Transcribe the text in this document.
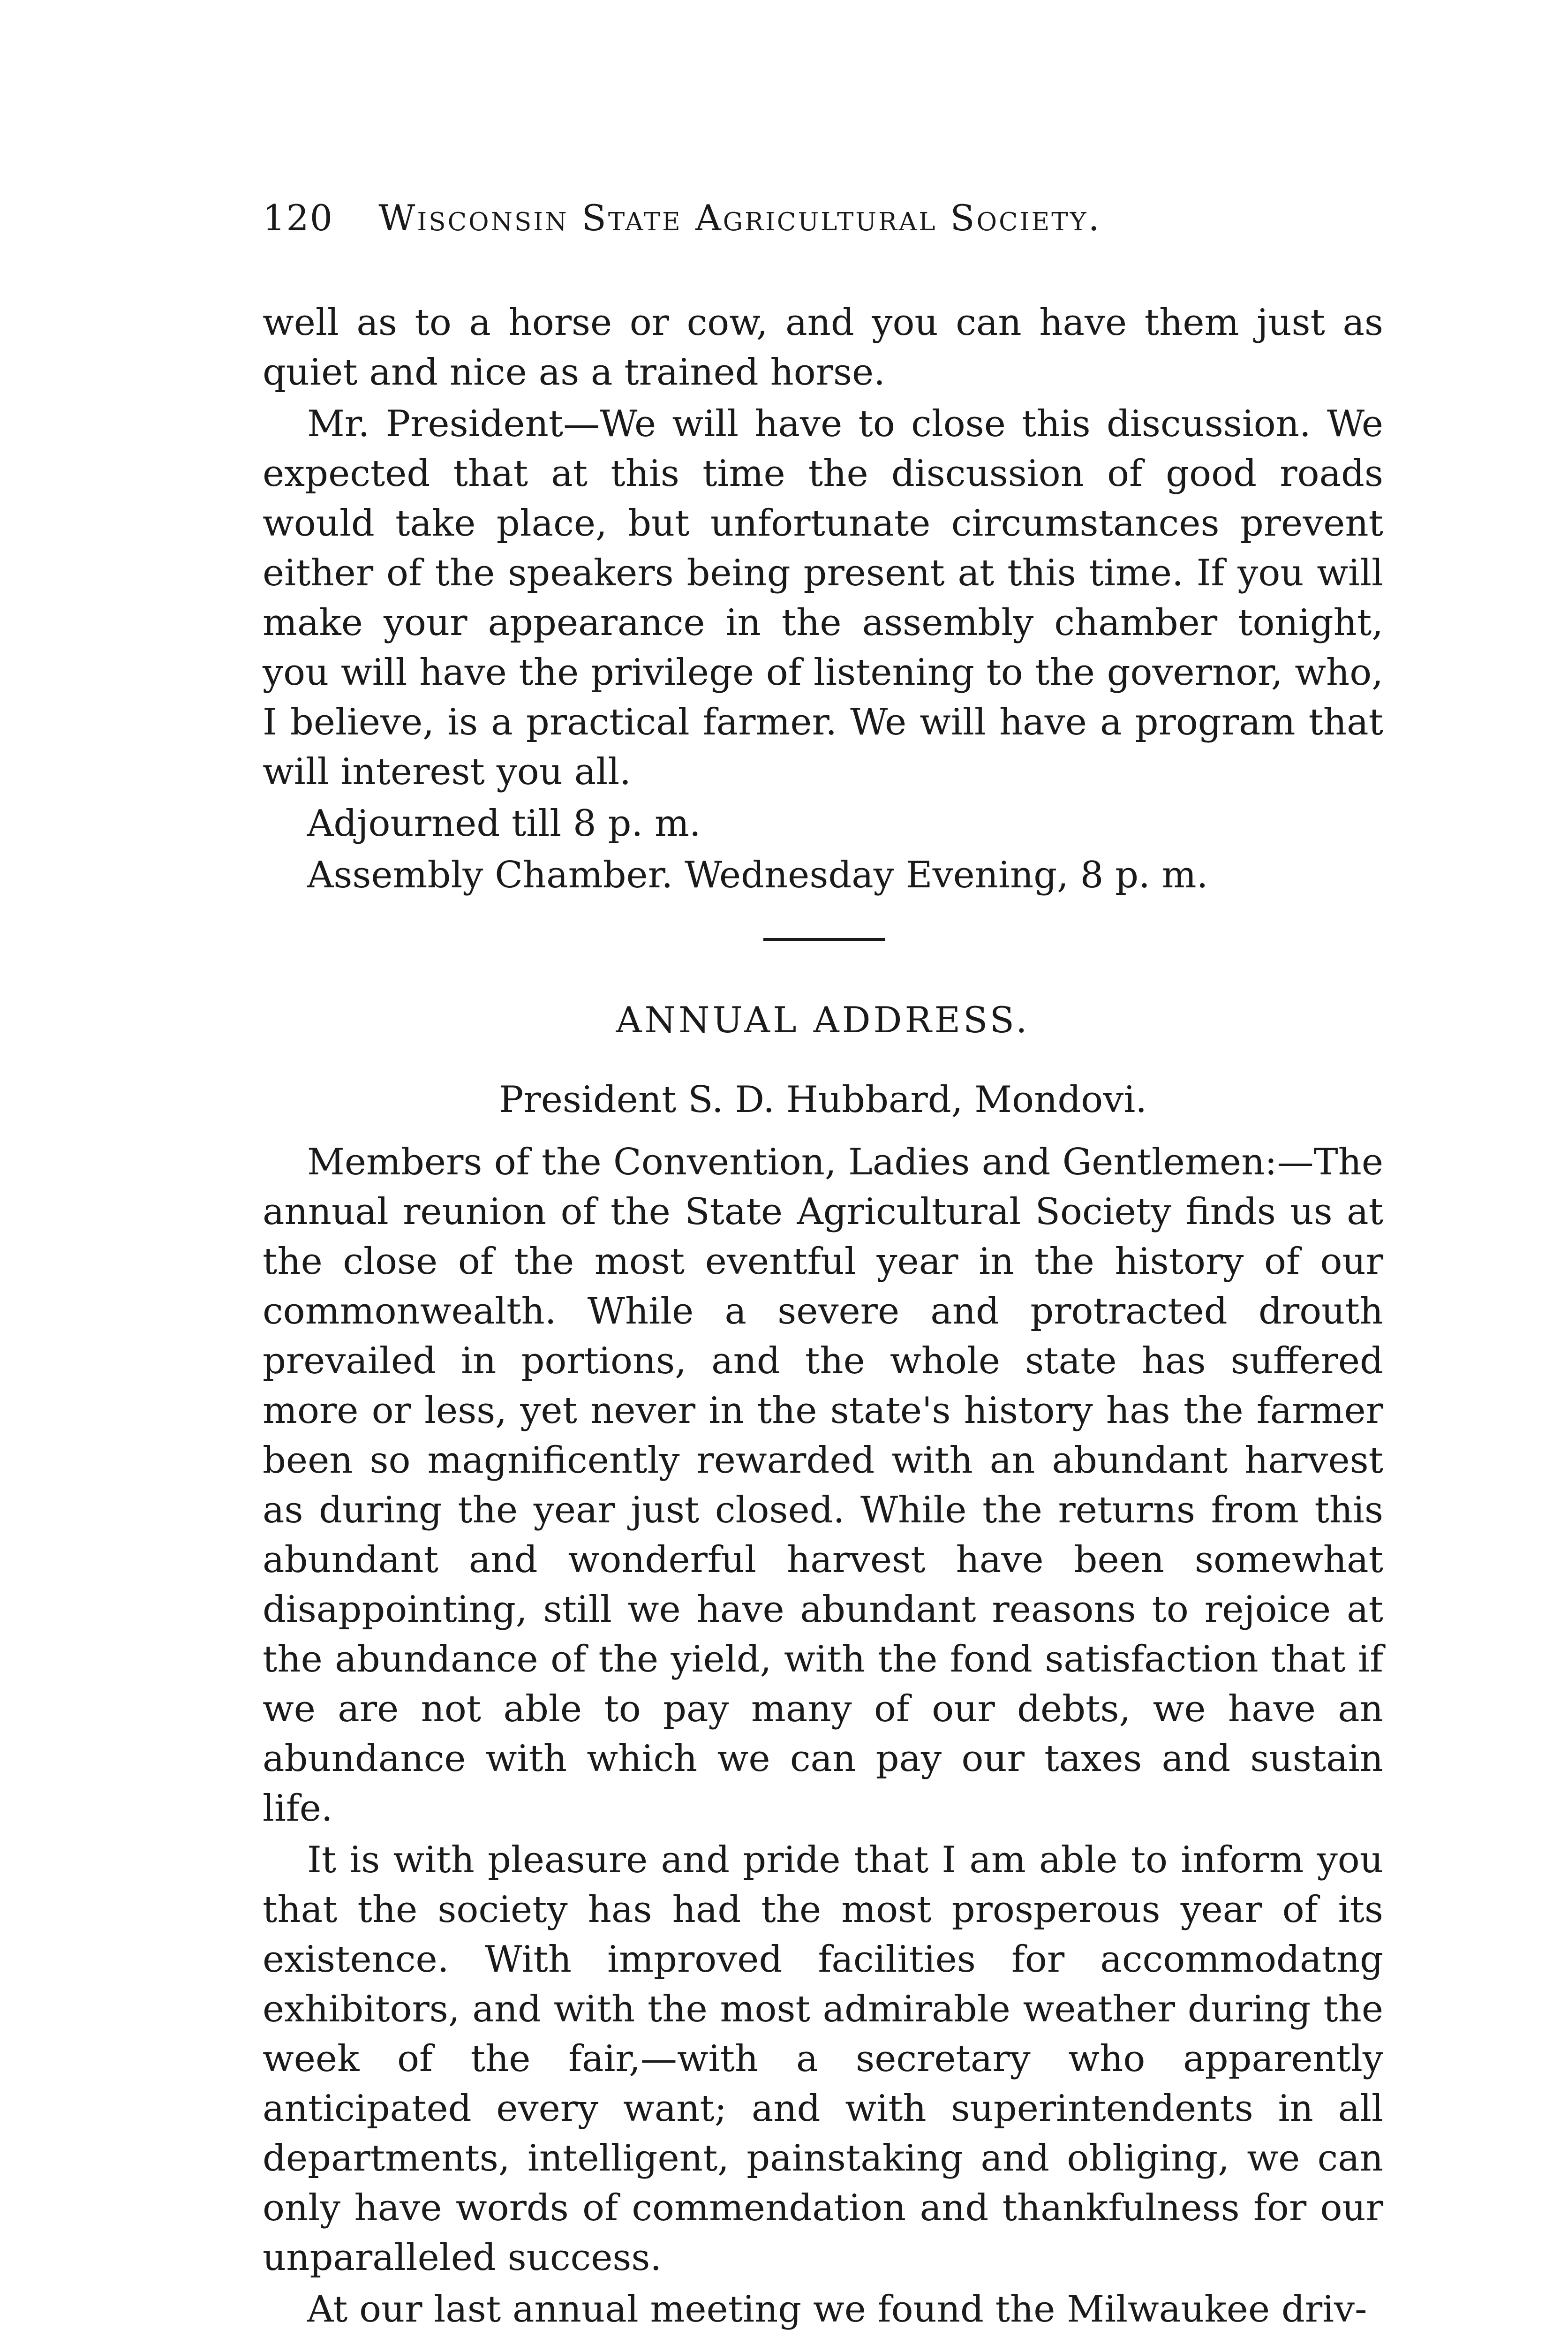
120 Wisconsin State Agricultural Society.

well as to a horse or cow, and you can have them just as quiet and nice as a trained horse.

Mr. President—We will have to close this discussion. We expected that at this time the discussion of good roads would take place, but unfortunate circumstances prevent either of the speakers being present at this time. If you will make your appearance in the assembly chamber tonight, you will have the privilege of listening to the governor, who, I believe, is a practical farmer. We will have a program that will interest you all.

Adjourned till 8 p. m.

Assembly Chamber. Wednesday Evening, 8 p. m.

ANNUAL ADDRESS.
President S. D. Hubbard, Mondovi.

Members of the Convention, Ladies and Gentlemen:—The annual reunion of the State Agricultural Society finds us at the close of the most eventful year in the history of our commonwealth. While a severe and protracted drouth prevailed in portions, and the whole state has suffered more or less, yet never in the state's history has the farmer been so magnificently rewarded with an abundant harvest as during the year just closed. While the returns from this abundant and wonderful harvest have been somewhat disappointing, still we have abundant reasons to rejoice at the abundance of the yield, with the fond satisfaction that if we are not able to pay many of our debts, we have an abundance with which we can pay our taxes and sustain life.

It is with pleasure and pride that I am able to inform you that the society has had the most prosperous year of its existence. With improved facilities for accommodatng exhibitors, and with the most admirable weather during the week of the fair,—with a secretary who apparently anticipated every want; and with superintendents in all departments, intelligent, painstaking and obliging, we can only have words of commendation and thankfulness for our unparalleled success.

At our last annual meeting we found the Milwaukee driv-
